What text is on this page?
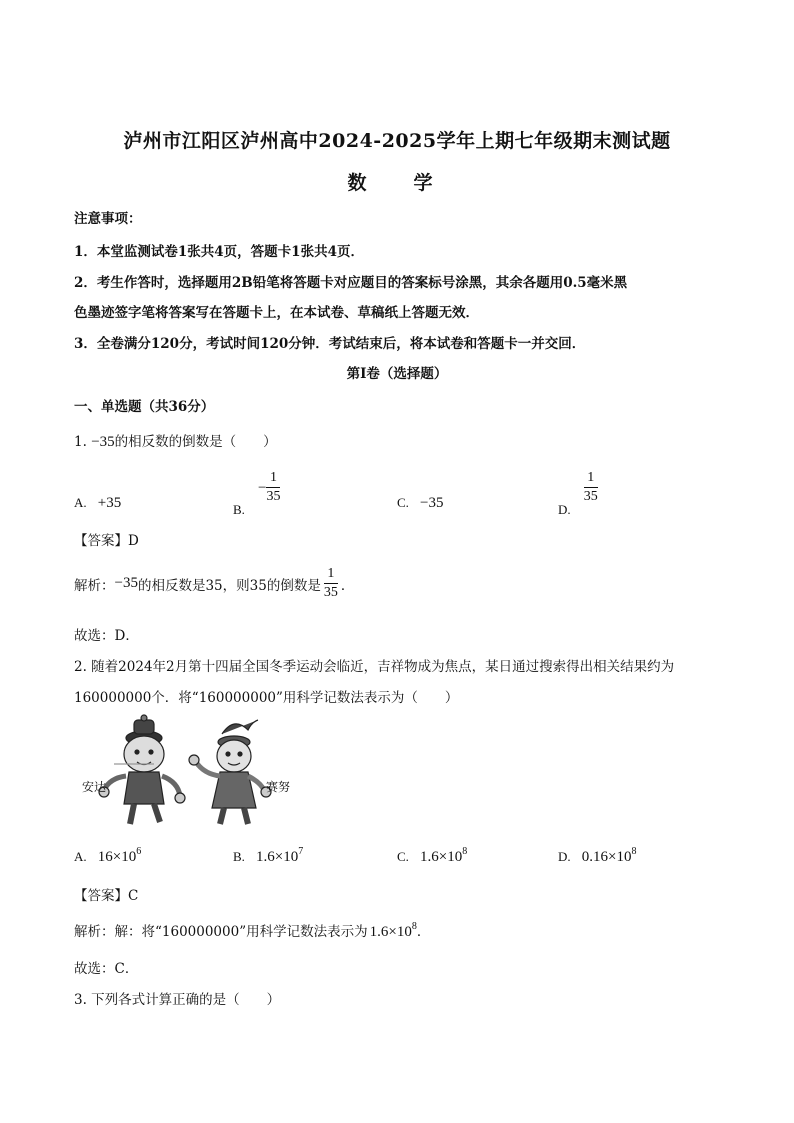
泸州市江阳区泸州高中2024-2025学年上期七年级期末测试题
数　学
注意事项：
1．本堂监测试卷1张共4页，答题卡1张共4页．
2．考生作答时，选择题用2B铅笔将答题卡对应题目的答案标号涂黑，其余各题用0.5毫米黑
色墨迹签字笔将答案写在答题卡上，在本试卷、草稿纸上答题无效．
3．全卷满分120分，考试时间120分钟．考试结束后，将本试卷和答题卡一并交回．
第Ⅰ卷（选择题）
一、单选题（共36分）
1. −35的相反数的倒数是（　　）
A. +35	$_{B.} - \frac{1}{35}$	C. −35	$_{D.}$
$\frac{1}{35}$
【答案】D
解析： −35 的相反数是35，则35的倒数是 $\frac{1}{35}$ ．
故选：D．
2. 随着2024年2月第十四届全国冬季运动会临近，吉祥物成为焦点，某日通过搜索得出相关结果约为
160000000个．将“160000000”用科学记数法表示为（　　）
安达	赛努
A. $16\times 10^6$	B. $1.6\times 10^7$	C. $1.6\times 10^8$	D. $0.16\times 10^8$
【答案】C
解析：解：将“160000000”用科学记数法表示为 $1.6\times 10^8$．
故选：C．
3. 下列各式计算正确的是（　　）
